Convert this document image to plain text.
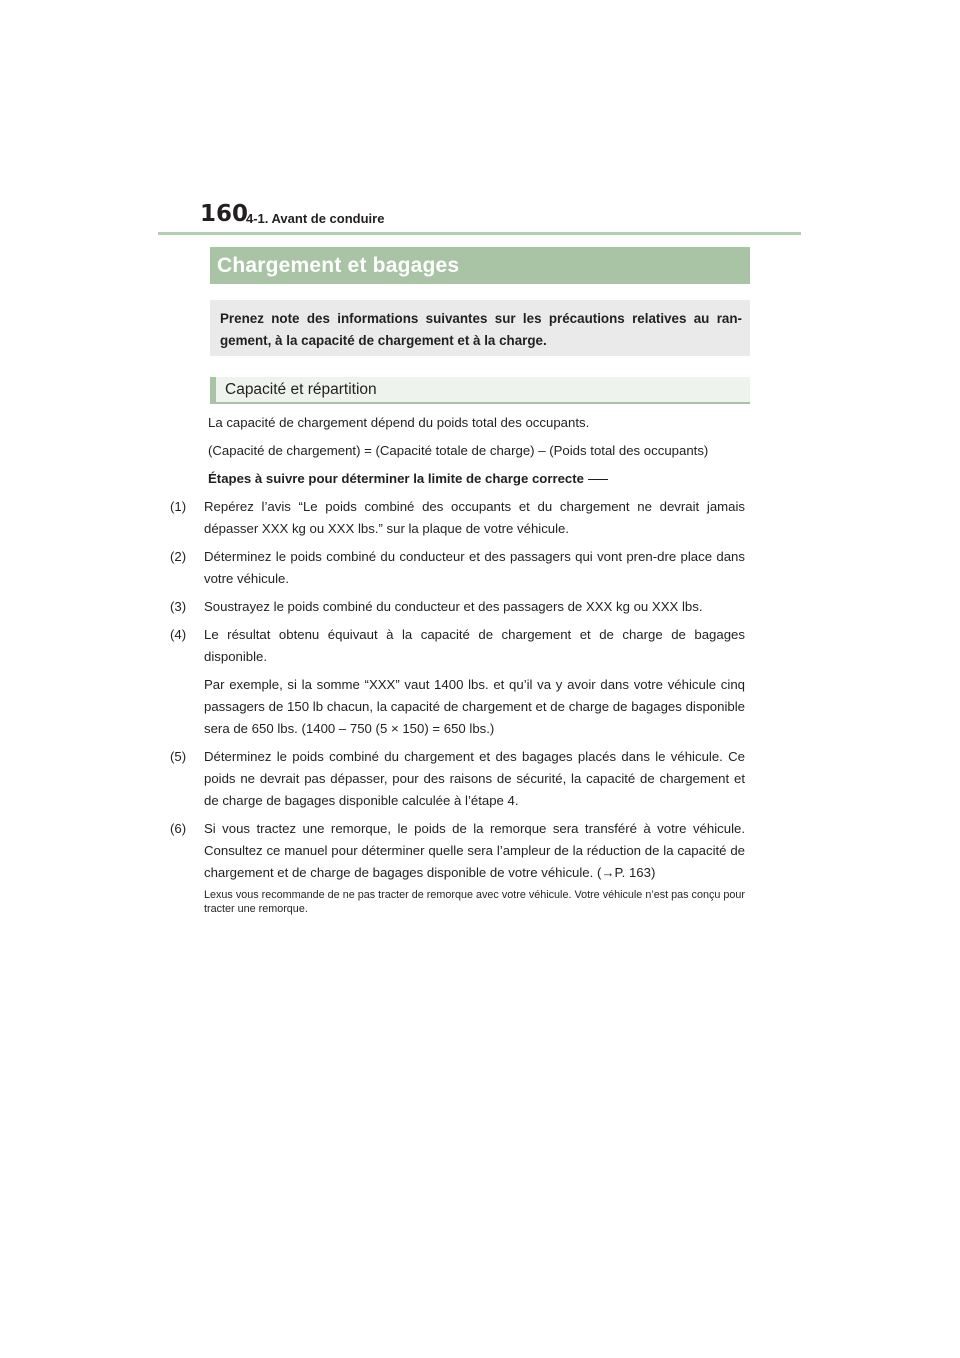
160
4-1. Avant de conduire
Chargement et bagages
Prenez note des informations suivantes sur les précautions relatives au ran-gement, à la capacité de chargement et à la charge.
Capacité et répartition

La capacité de chargement dépend du poids total des occupants.

(Capacité de chargement) = (Capacité totale de charge) – (Poids total des occupants)

Étapes à suivre pour déterminer la limite de charge correcte

(1) Repérez l’avis “Le poids combiné des occupants et du chargement ne devrait jamais dépasser XXX kg ou XXX lbs.” sur la plaque de votre véhicule.
(2) Déterminez le poids combiné du conducteur et des passagers qui vont pren-dre place dans votre véhicule.
(3) Soustrayez le poids combiné du conducteur et des passagers de XXX kg ou XXX lbs.
(4) Le résultat obtenu équivaut à la capacité de chargement et de charge de bagages disponible.
Par exemple, si la somme “XXX” vaut 1400 lbs. et qu’il va y avoir dans votre véhicule cinq passagers de 150 lb chacun, la capacité de chargement et de charge de bagages disponible sera de 650 lbs. (1400 – 750 (5 × 150) = 650 lbs.)
(5) Déterminez le poids combiné du chargement et des bagages placés dans le véhicule. Ce poids ne devrait pas dépasser, pour des raisons de sécurité, la capacité de chargement et de charge de bagages disponible calculée à l’étape 4.
(6) Si vous tractez une remorque, le poids de la remorque sera transféré à votre véhicule. Consultez ce manuel pour déterminer quelle sera l’ampleur de la réduction de la capacité de chargement et de charge de bagages disponible de votre véhicule. (→P. 163)
Lexus vous recommande de ne pas tracter de remorque avec votre véhicule. Votre véhicule n’est pas conçu pour tracter une remorque.
